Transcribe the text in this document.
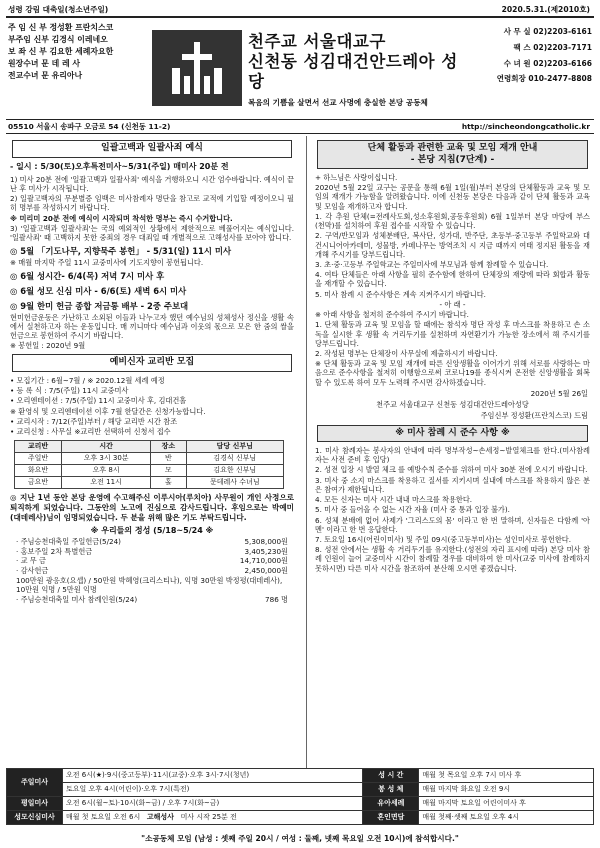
성령 강림 대축일(청소년주일)	2020.5.31.(제2010호)
주 임 신 부 정성환 프란치스코
부주임 신부 김경식 이레네오
보 좌 신 부 김요한 세례자요한
원장수녀 문 데 레 사
전교수녀 문 유리아나
천주교 서울대교구
신천동 성김대건안드레아 성당
복음의 기쁨을 살면서 선교 사명에 충실한 본당 공동체
사 무 실 02)2203-6161
팩 스 02)2203-7171
수 녀 원 02)2203-6166
연령회장 010-2477-8808
05510 서울시 송파구 오금로 54 (신천동 11-2)	http://sincheondongcatholic.kr
일괄고백과 일괄사죄 예식
- 일시 : 5/30(토)오후특전미사~5/31(주일) 매미사 20분 전
1) 미사 20분 전에 '일괄고백과 일괄사죄' 예식을 거행하오니 시간 엄수바랍니다. 예식이 끝난 후 미사가 시작됩니다.
2) 일괄고백자의 무분별증 임백은 미사참례자 명단을 참고로 교적에 기입할 예정이오니 필히 명부를 작성하시기 바랍니다.
※ 미리미 20분 전에 예식이 시작되며 착석한 명부는 즉시 수거합니다.
3) '일괄고백과 일괄사죄'는 국의 예외적인 상황에서 제한적으로 베풀어지는 예식입니다. '일괄사죄' 때 고백하지 못한 중죄의 경우 대죄일 때 개별적으로 고해성사를 보아야 합니다.
◎ 5월 「기도나무, 지향묵주 봉헌」 - 5/31(일) 11시 미사
※ 매월 마지막 주일 11시 교중미사에 기도지향이 봉헌됩니다.
◎ 6월 성시간- 6/4(목) 저녁 7시 미사 후
◎ 6월 성모 신심 미사 - 6/6(토) 새벽 6시 미사
◎ 9월 한미 헌금 종합 저금통 배부 - 2중 주보대
현미헌금운동은 가난하고 소외된 이들과 나누고자 했던 예수님의 성체성사 정신을 생활 속에서 실천하고자 하는 운동입니다. 매 끼니마다 예수님과 이웃의 몫으로 모은 한 줌의 쌀을 헌금으로 봉헌하여 주시기 바랍니다.
※ 봉헌일 : 2020년 9월
예비신자 교리반 모집
• 모집기간 : 6월~7월 / ※ 2020.12월 세례 예정
• 등 록 식 : 7/5(주일) 11시 교중미사
• 오리엔테이션 : 7/5(주일) 11시 교중미사 후, 김대건홀
※ 환영식 및 오리엔테이션 이후 7월 한달간은 신청가능합니다.
• 교리시작 : 7/12(주일)부터 / 해당 교리반 시간 참조
• 교리신청 : 사무실 ※교리반 선택하여 신청서 접수
교리반	시간	장소	담당 신부님
주일반	오후 3시 30분	반	김경식 신부님
화요반	오후 8시	모	김요한 신부님
금요반	오전 11시	홀	문데레사 수녀님
◎ 지난 1년 동안 본당 운영에 수고해주신 이루시아(루치아) 사무원이 개인 사정으로 퇴직하게 되었습니다. 그동안의 노고에 진심으로 감사드립니다. 후임으로는 박예미(대데레사)님이 임명되었습니다. 두 분을 위해 많은 기도 부탁드립니다.
※ 우리들의 정성 (5/18~5/24 ※
· 주님승천대축일 주일헌금(5/24)	5,308,000원
· 홍보주일 2차 특별헌금	3,405,230원
· 교 무 금	14,710,000원
· 감사헌금	2,450,000원
100만원 광응호(요셉) / 50만원 박혜영(크리스티나), 익명 30만원 박정평(대데레사), 10만원 익명 / 5만원 익명
· 주님승천대축일 미사 참례인원(5/24)	786 명
단체 활동과 관련한 교육 및 모임 재개 안내
- 본당 지침(7단계) -
+ 하느님은 사랑이십니다.
2020년 5월 22일 교구는 공문을 통해 6월 1일(월)부터 본당의 단체활동과 교육 및 모임의 재개가 가능함을 알려왔습니다. 이에 신천동 본당은 다음과 같이 단체 활동과 교육 및 모임을 재개하고자 합니다.
1. 각 추원 단체(=전례사도회,성소후원회,공동후원회) 6월 1일부터 본당 마당에 부스(천막)를 설치하여 후원 접수를 시작할 수 있습니다.
2. 구역/반모임과 성체분배단, 복사단, 성가대, 반주단, 초등부·중고등부 주일학교와 대건시니어아카데미, 성물방, 카페나무는 방역조치 시 지금 때까지 여태 정지된 활동을 재개해 주시기를 당부드립니다.
3. 초·중·고등부 주일학교는 주일미사에 부모님과 함께 참례할 수 있습니다.
4. 여타 단체들은 아래 사항을 필히 준수함에 한하여 단체장의 재량에 따라 회합과 활동을 재개할 수 있습니다.
5. 미사 참례 시 준수사항은 계속 지켜주시기 바랍니다.
- 아 래 -
※ 아래 사항을 철저히 준수하여 주시기 바랍니다.
1. 단체 활동과 교육 및 모임을 할 때에는 참석자 명단 작성 후 마스크를 착용하고 손 소독을 실시한 후 생활 속 거리두기를 실천하며 자연환기가 가능한 장소에서 해 주시기를 당부드립니다.
2. 작성된 명부는 단체장이 사무실에 제출하시기 바랍니다.
※ 단체 활동과 교육 및 모임 재개에 따른 신앙생활을 이어가기 위해 서로를 사랑하는 마음으로 준수사항을 철저히 이행함으로써 코로나19를 종식시켜 온전한 신앙생활을 회복할 수 있도록 하여 모두 노력해 주시면 감사하겠습니다.
2020년 5월 26일
천주교 서울대교구 신천동 성김대건안드레아성당
주임신부 정성환(프란치스코) 드림
※ 미사 참례 시 준수 사항 ※
1. 미사 참례자는 봉사자의 안내에 따라 명부작성~손세정~발열체크를 한다.(미사참례자는 사전 준비 후 입당)
2. 성전 입장 시 발열 체크 를 예방수칙 준수를 위하여 미사 30분 전에 오시기 바랍니다.
3. 미사 중 소지 마스크를 착용하고 질서를 지키시며 실내에 마스크를 착용하지 않은 분은 참여가 제한됩니다.
4. 모든 신자는 미사 시간 내내 마스크를 착용한다.
5. 미사 중 들어올 수 없는 시간 자율 (미사 중 통과 입장 불가).
6. 성체 분배에 없어 사제가 '그리스도의 몸' 이라고 한 번 말하며, 신자들은 다함께 '아멘' 이라고 한 번 응답한다.
7. 토요일 16시(어린이미사) 및 주일 09시(중고등부미사)는 성인미사로 봉헌한다.
8. 성전 안에서는 생활 속 거리두기를 유지한다.(성전의 자리 표시에 따라) 본당 미사 참례 인원이 늘어 교중미사 시간이 참례할 경우를 대비하여 한 미사(교중 미사에 참례하지 못하시면) 다른 미사 시간을 참조하여 분산해 오시면 좋겠습니다.
주일미사	오전 6시(★)·9시(중고등부)·11시(교중)·오후 3시·7시(청년)	성 시 간	매월 첫 목요일 오후 7시 미사 후
	토요일 오후 4시(어린이)·오후 7시(특전)	봉 성 체	매월 마지막 화요일 오전 9시
평일미사	오전 6시(월~토)·10시(화~금) / 오후 7시(화~금)	유아세례	매월 마지막 토요일 어린이미사 후
성모신심미사	매월 첫 토요일 오전 6시 고해성사 미사 시작 25분 전	혼인면담	매월 첫째·셋째 토요일 오후 4시
"소공동체 모임 (남성 : 셋째 주일 20시 / 여성 : 둘째, 넷째 목요일 오전 10시)에 참석합시다."
